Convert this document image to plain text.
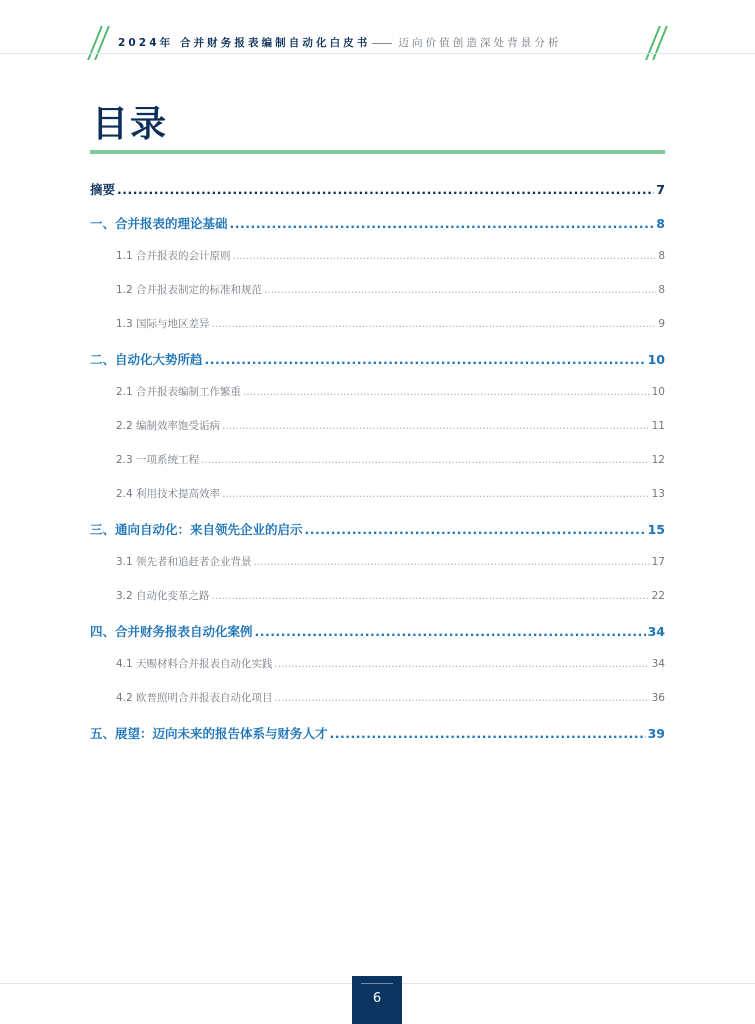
2024年 合并财务报表编制自动化白皮书	迈向价值创造深处背景分析
目录
摘要 .....	7
一、合并报表的理论基础 .....	8
1.1 合并报表的会计原则 .....	8
1.2 合并报表制定的标准和规范 .....	8
1.3 国际与地区差异 .....	9
二、自动化大势所趋 .....	10
2.1 合并报表编制工作繁重 .....	10
2.2 编制效率饱受诟病 .....	11
2.3 一项系统工程 .....	12
2.4 利用技术提高效率 .....	13
三、通向自动化：来自领先企业的启示 .....	15
3.1 领先者和追赶者企业背景 .....	17
3.2 自动化变革之路 .....	22
四、合并财务报表自动化案例 .....	34
4.1 天赐材料合并报表自动化实践 .....	34
4.2 欧普照明合并报表自动化项目 .....	36
五、展望：迈向未来的报告体系与财务人才 .....	39
6
